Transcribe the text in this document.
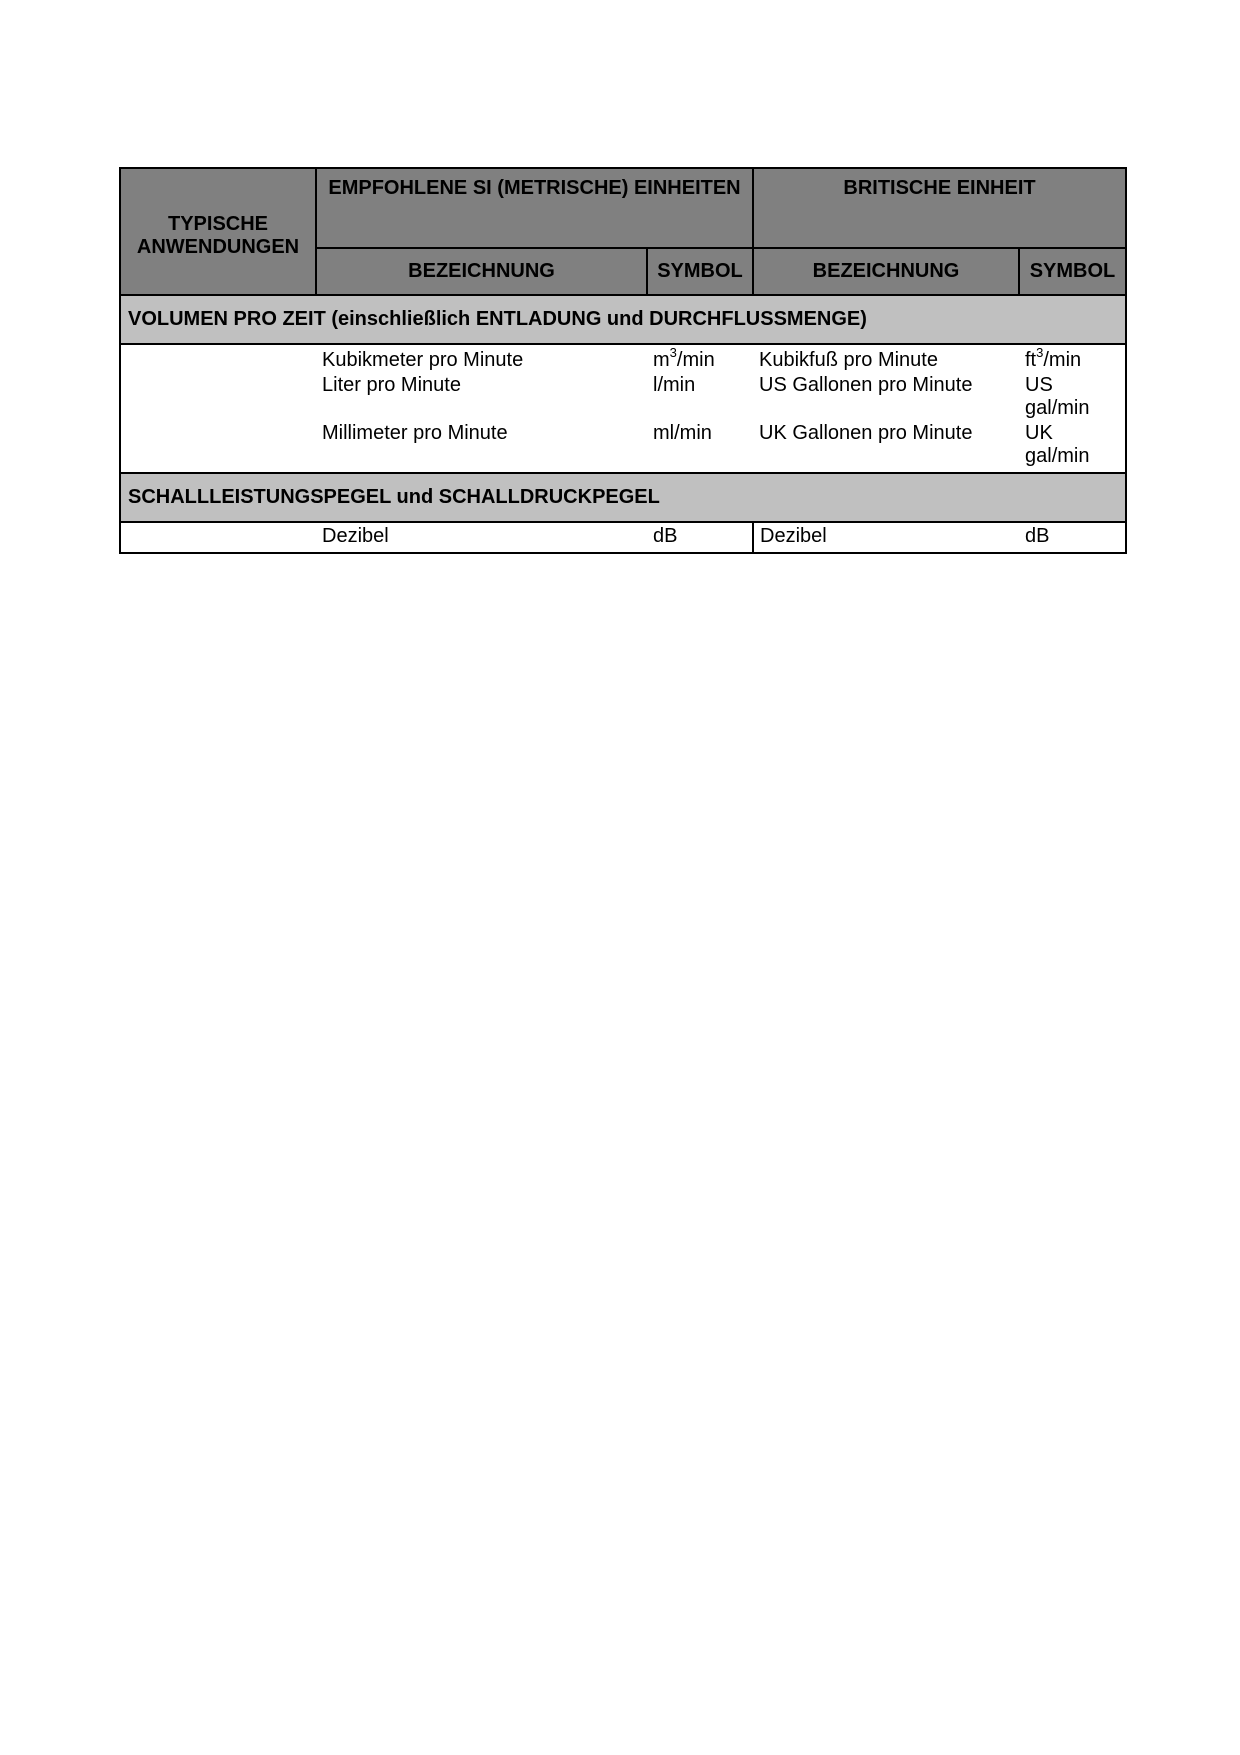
TYPISCHE ANWENDUNGEN	EMPFOHLENE SI (METRISCHE) EINHEITEN		BRITISCHE EINHEIT	
	BEZEICHNUNG	SYMBOL	BEZEICHNUNG	SYMBOL
VOLUMEN PRO ZEIT (einschließlich ENTLADUNG und DURCHFLUSSMENGE)				
	Kubikmeter pro Minute	$m^3/\min$	Kubikfuß pro Minute	$ft^3/\min$
	Liter pro Minute	l/min	US Gallonen pro Minute	US gal/min
	Millimeter pro Minute	ml/min	UK Gallonen pro Minute	UK gal/min
SCHALLLEISTUNGSPEGEL und SCHALLDRUCKPEGEL				
	Dezibel	dB	Dezibel	dB
